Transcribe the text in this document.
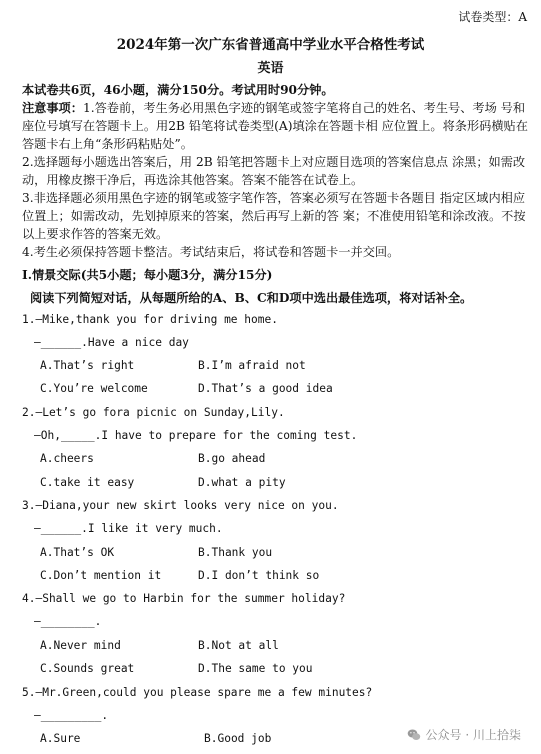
试卷类型：A
2024年第一次广东省普通高中学业水平合格性考试
英语
本试卷共6页，46小题，满分150分。考试用时90分钟。
注意事项：1.答卷前，考生务必用黑色字迹的钢笔或签字笔将自己的姓名、考生号、考场 号和
座位号填写在答题卡上。用2B 铅笔将试卷类型(A)填涂在答题卡相 应位置上。将条形码横贴在
答题卡右上角“条形码粘贴处”。
2.选择题每小题选出答案后，用 2B 铅笔把答题卡上对应题目选项的答案信息点 涂黑；如需改
动，用橡皮擦干净后，再选涂其他答案。答案不能答在试卷上。
3.非选择题必须用黑色字迹的钢笔或签字笔作答，答案必须写在答题卡各题目 指定区域内相应
位置上；如需改动，先划掉原来的答案，然后再写上新的答 案；不准使用铅笔和涂改液。不按
以上要求作答的答案无效。
4.考生必须保持答题卡整洁。考试结束后，将试卷和答题卡一并交回。
I.情景交际(共5小题；每小题3分，满分15分)
阅读下列简短对话，从每题所给的A、B、C和D项中选出最佳选项，将对话补全。
1.—Mike,thank you for driving me home.
—______.Have a nice day
A.That’s right	B.I’m afraid not
C.You’re welcome	D.That’s a good idea
2.—Let’s go fora picnic on Sunday,Lily.
—Oh,_____.I have to prepare for the coming test.
A.cheers	B.go ahead
C.take it easy	D.what a pity
3.—Diana,your new skirt looks very nice on you.
—______.I like it very much.
A.That’s OK	B.Thank you
C.Don’t mention it	D.I don’t think so
4.—Shall we go to Harbin for the summer holiday?
—________.
A.Never mind	B.Not at all
C.Sounds great	D.The same to you
5.—Mr.Green,could you please spare me a few minutes?
—_________.
A.Sure	B.Good job	公众号 · 川上拾柒
